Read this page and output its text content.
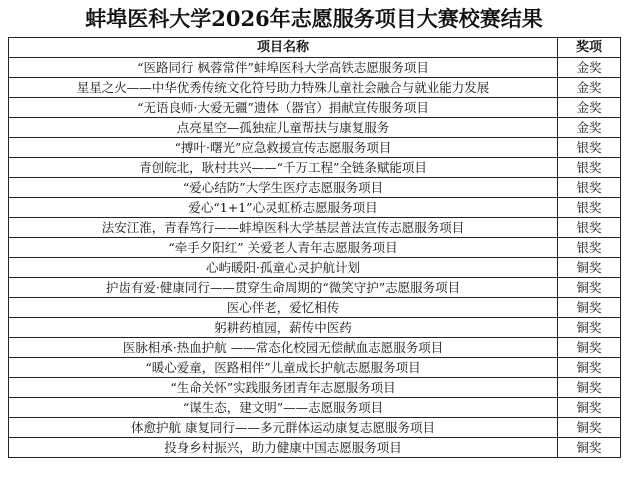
蚌埠医科大学2026年志愿服务项目大赛校赛结果
项目名称	奖项
“医路同行 枫蓉常伴”蚌埠医科大学高铁志愿服务项目	金奖
星星之火——中华优秀传统文化符号助力特殊儿童社会融合与就业能力发展	金奖
“无语良师·大爱无疆”遗体（器官）捐献宣传服务项目	金奖
点亮星空—孤独症儿童帮扶与康复服务	金奖
“搏叶·曙光”应急救援宣传志愿服务项目	银奖
青创皖北，耿村共兴——“千万工程”全链条赋能项目	银奖
“爱心结防”大学生医疗志愿服务项目	银奖
爱心“1+1”心灵虹桥志愿服务项目	银奖
法安江淮，青春笃行——蚌埠医科大学基层普法宣传志愿服务项目	银奖
“牵手夕阳红” 关爱老人青年志愿服务项目	银奖
心屿暖阳·孤童心灵护航计划	铜奖
护齿有爱·健康同行——贯穿生命周期的“微笑守护”志愿服务项目	铜奖
医心伴老，爱忆相传	铜奖
躬耕药植园，薪传中医药	铜奖
医脉相承·热血护航 ——常态化校园无偿献血志愿服务项目	铜奖
“暖心爱童，医路相伴”儿童成长护航志愿服务项目	铜奖
“生命关怀”实践服务团青年志愿服务项目	铜奖
“谋生态，建文明”——志愿服务项目	铜奖
体愈护航 康复同行——多元群体运动康复志愿服务项目	铜奖
投身乡村振兴，助力健康中国志愿服务项目	铜奖
